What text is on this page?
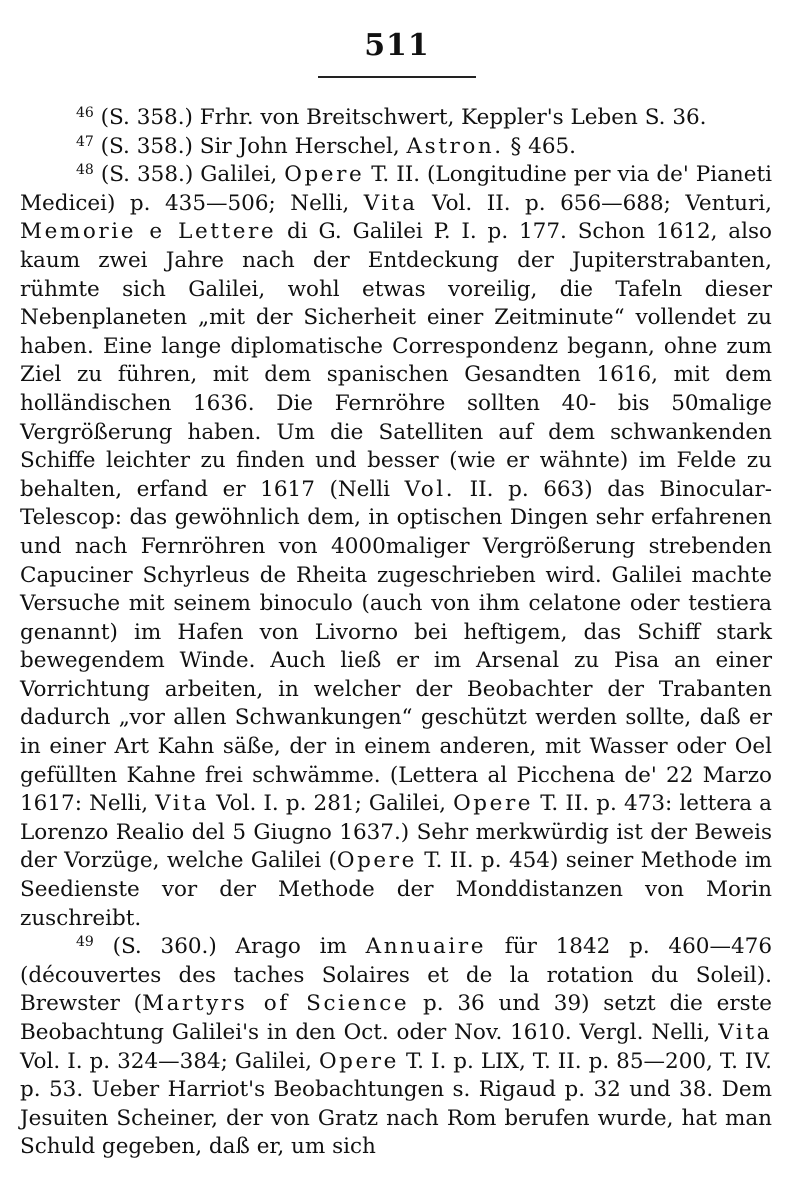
511

$^{46}$ (S. 358.) Frhr. von Breitschwert, Keppler's Leben S. 36.

$^{47}$ (S. 358.) Sir John Herschel, Astron. § 465.

$^{48}$ (S. 358.) Galilei, Opere T. II. (Longitudine per via de' Pianeti Medicei) p. 435—506; Nelli, Vita Vol. II. p. 656—688; Venturi, Memorie e Lettere di G. Galilei P. I. p. 177. Schon 1612, also kaum zwei Jahre nach der Entdeckung der Jupiterstrabanten, rühmte sich Galilei, wohl etwas voreilig, die Tafeln dieser Nebenplaneten „mit der Sicherheit einer Zeitminute“ vollendet zu haben. Eine lange diplomatische Correspondenz begann, ohne zum Ziel zu führen, mit dem spanischen Gesandten 1616, mit dem holländischen 1636. Die Fernröhre sollten 40- bis 50malige Vergrößerung haben. Um die Satelliten auf dem schwankenden Schiffe leichter zu finden und besser (wie er wähnte) im Felde zu behalten, erfand er 1617 (Nelli Vol. II. p. 663) das Binocular-Telescop: das gewöhnlich dem, in optischen Dingen sehr erfahrenen und nach Fernröhren von 4000maliger Vergrößerung strebenden Capuciner Schyrleus de Rheita zugeschrieben wird. Galilei machte Versuche mit seinem binoculo (auch von ihm celatone oder testiera genannt) im Hafen von Livorno bei heftigem, das Schiff stark bewegendem Winde. Auch ließ er im Arsenal zu Pisa an einer Vorrichtung arbeiten, in welcher der Beobachter der Trabanten dadurch „vor allen Schwankungen“ geschützt werden sollte, daß er in einer Art Kahn säße, der in einem anderen, mit Wasser oder Oel gefüllten Kahne frei schwämme. (Lettera al Picchena de' 22 Marzo 1617: Nelli, Vita Vol. I. p. 281; Galilei, Opere T. II. p. 473: lettera a Lorenzo Realio del 5 Giugno 1637.) Sehr merkwürdig ist der Beweis der Vorzüge, welche Galilei (Opere T. II. p. 454) seiner Methode im Seedienste vor der Methode der Monddistanzen von Morin zuschreibt.

$^{49}$ (S. 360.) Arago im Annuaire für 1842 p. 460—476 (découvertes des taches Solaires et de la rotation du Soleil). Brewster (Martyrs of Science p. 36 und 39) setzt die erste Beobachtung Galilei's in den Oct. oder Nov. 1610. Vergl. Nelli, Vita Vol. I. p. 324—384; Galilei, Opere T. I. p. LIX, T. II. p. 85—200, T. IV. p. 53. Ueber Harriot's Beobachtungen s. Rigaud p. 32 und 38. Dem Jesuiten Scheiner, der von Gratz nach Rom berufen wurde, hat man Schuld gegeben, daß er, um sich
